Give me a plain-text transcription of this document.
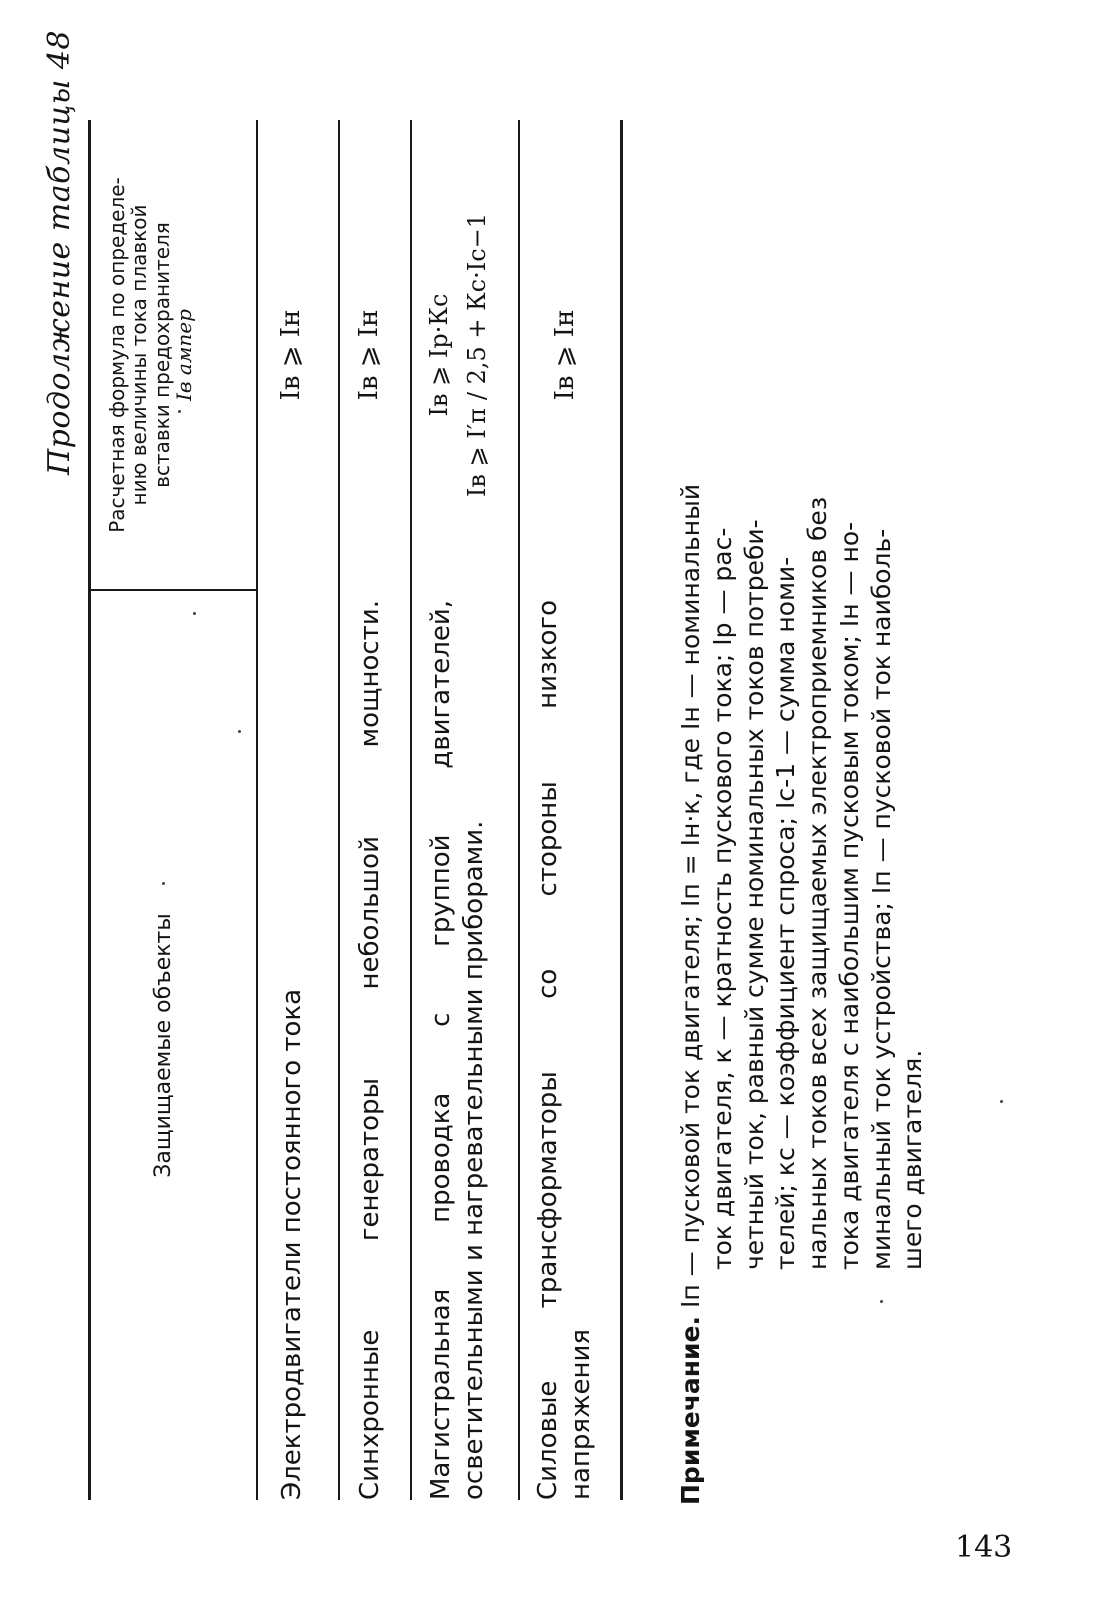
Продолжение таблицы 48
Защищаемые объекты
Расчетная формула по определе-
нию величины тока плавкой
вставки предохранителя
Iв ампер
Электродвигатели постоянного тока
Iв ⩾ Iн
Синхронные генераторы небольшой мощности.
Iв ⩾ Iн
Магистральная проводка с группой двигателей, осветительными и нагревательными приборами.
Iв ⩾ Iр·Кс Iв ⩾ I′п / 2,5 + Кс·Iс−1
Силовые трансформаторы со стороны низкого напряжения
Iв ⩾ Iн
Примечание. Iп — пусковой ток двигателя; Iп = Iн·к, где Iн — номинальный ток двигателя, к — кратность пускового тока; Iр — рас- четный ток, равный сумме номинальных токов потреби- телей; кс — коэффициент спроса; Iс-1 — сумма номи- нальных токов всех защищаемых электроприемников без тока двигателя с наибольшим пусковым током; Iн — но- минальный ток устройства; Iп — пусковой ток наиболь- шего двигателя.
143
